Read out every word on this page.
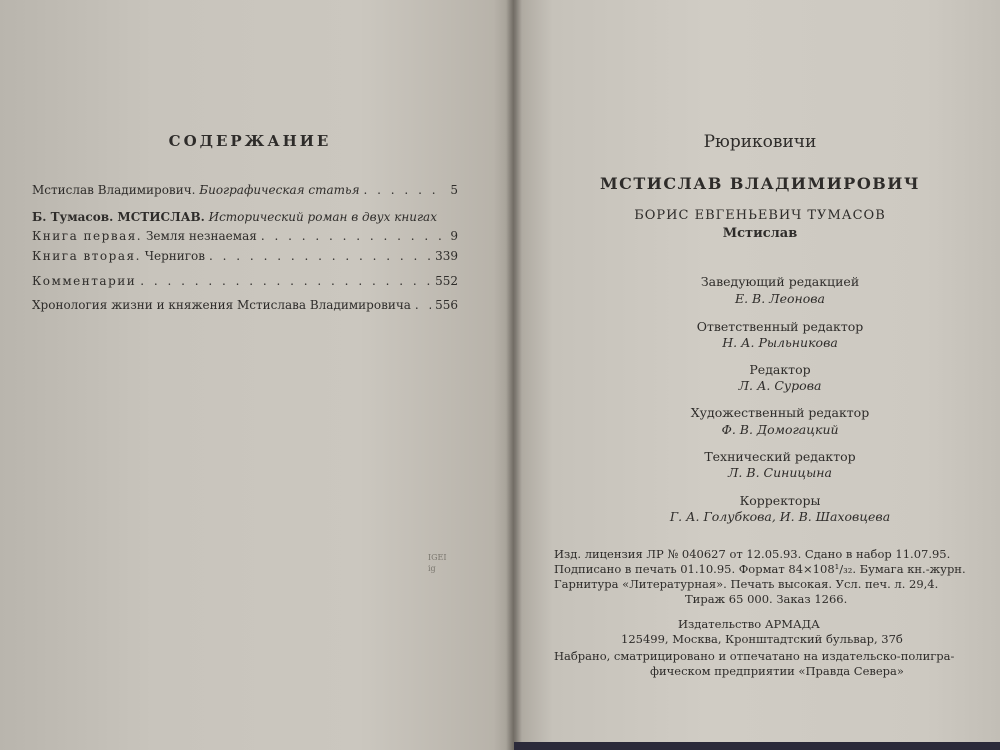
СОДЕРЖАНИЕ
Мстислав Владимирович. Биографическая статья . . .	5
Б. Тумасов. МСТИСЛАВ. Исторический роман в двух книгах
Книга первая. Земля незнаемая . . .	9
Книга вторая. Чернигов . . .	339
Комментарии . . .	552
Хронология жизни и княжения Мстислава Владимировича . . . 556
IGEI
ig
Рюриковичи
МСТИСЛАВ ВЛАДИМИРОВИЧ
БОРИС ЕВГЕНЬЕВИЧ ТУМАСОВ
Мстислав
Заведующий редакцией
Е. В. Леонова
Ответственный редактор
Н. А. Рыльникова
Редактор
Л. А. Сурова
Художественный редактор
Ф. В. Домогацкий
Технический редактор
Л. В. Синицына
Корректоры
Г. А. Голубкова, И. В. Шаховцева
Изд. лицензия ЛР № 040627 от 12.05.93. Сдано в набор 11.07.95.
Подписано в печать 01.10.95. Формат 84×108¹/₃₂. Бумага кн.-журн.
Гарнитура «Литературная». Печать высокая. Усл. печ. л. 29,4.
Тираж 65 000. Заказ 1266.
Издательство АРМАДА
125499, Москва, Кронштадтский бульвар, 37б
Набрано, сматрицировано и отпечатано на издательско-полигра-
фическом предприятии «Правда Севера»
